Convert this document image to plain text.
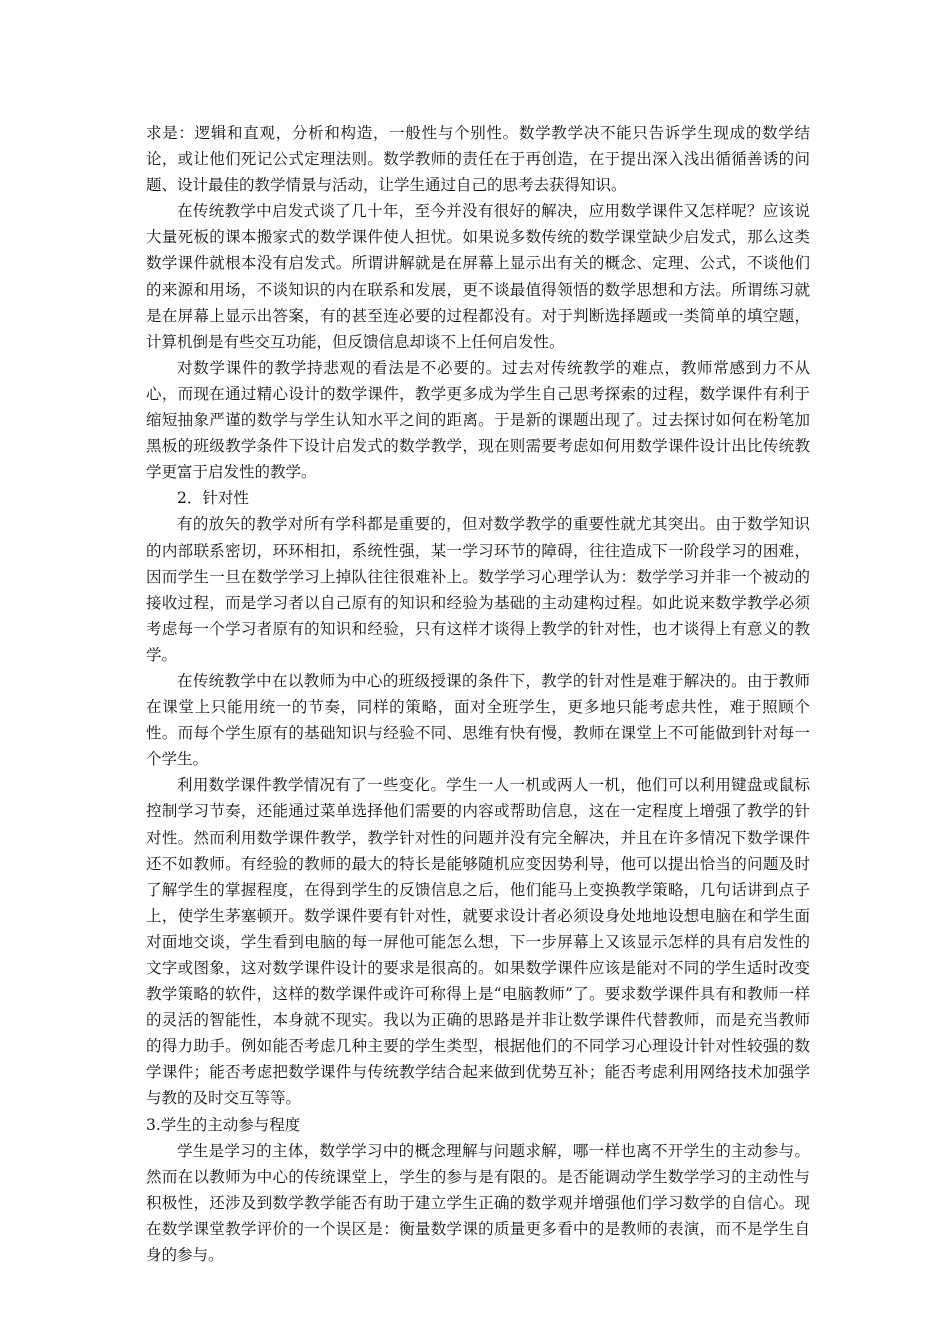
求是：逻辑和直观，分析和构造，一般性与个别性。数学教学决不能只告诉学生现成的数学结论，或让他们死记公式定理法则。数学教师的责任在于再创造，在于提出深入浅出循循善诱的问题、设计最佳的教学情景与活动，让学生通过自己的思考去获得知识。

在传统教学中启发式谈了几十年，至今并没有很好的解决，应用数学课件又怎样呢？应该说大量死板的课本搬家式的数学课件使人担忧。如果说多数传统的数学课堂缺少启发式，那么这类数学课件就根本没有启发式。所谓讲解就是在屏幕上显示出有关的概念、定理、公式，不谈他们的来源和用场，不谈知识的内在联系和发展，更不谈最值得领悟的数学思想和方法。所谓练习就是在屏幕上显示出答案，有的甚至连必要的过程都没有。对于判断选择题或一类简单的填空题，计算机倒是有些交互功能，但反馈信息却谈不上任何启发性。

对数学课件的教学持悲观的看法是不必要的。过去对传统教学的难点，教师常感到力不从心，而现在通过精心设计的数学课件，教学更多成为学生自己思考探索的过程，数学课件有利于缩短抽象严谨的数学与学生认知水平之间的距离。于是新的课题出现了。过去探讨如何在粉笔加黑板的班级教学条件下设计启发式的数学教学，现在则需要考虑如何用数学课件设计出比传统教学更富于启发性的教学。

2．针对性

有的放矢的教学对所有学科都是重要的，但对数学教学的重要性就尤其突出。由于数学知识的内部联系密切，环环相扣，系统性强，某一学习环节的障碍，往往造成下一阶段学习的困难，因而学生一旦在数学学习上掉队往往很难补上。数学学习心理学认为：数学学习并非一个被动的接收过程，而是学习者以自己原有的知识和经验为基础的主动建构过程。如此说来数学教学必须考虑每一个学习者原有的知识和经验，只有这样才谈得上教学的针对性，也才谈得上有意义的教学。

在传统教学中在以教师为中心的班级授课的条件下，教学的针对性是难于解决的。由于教师在课堂上只能用统一的节奏，同样的策略，面对全班学生，更多地只能考虑共性，难于照顾个性。而每个学生原有的基础知识与经验不同、思维有快有慢，教师在课堂上不可能做到针对每一个学生。

利用数学课件教学情况有了一些变化。学生一人一机或两人一机，他们可以利用键盘或鼠标控制学习节奏，还能通过菜单选择他们需要的内容或帮助信息，这在一定程度上增强了教学的针对性。然而利用数学课件教学，教学针对性的问题并没有完全解决，并且在许多情况下数学课件还不如教师。有经验的教师的最大的特长是能够随机应变因势利导，他可以提出恰当的问题及时了解学生的掌握程度，在得到学生的反馈信息之后，他们能马上变换教学策略，几句话讲到点子上，使学生茅塞顿开。数学课件要有针对性，就要求设计者必须设身处地地设想电脑在和学生面对面地交谈，学生看到电脑的每一屏他可能怎么想，下一步屏幕上又该显示怎样的具有启发性的文字或图象，这对数学课件设计的要求是很高的。如果数学课件应该是能对不同的学生适时改变教学策略的软件，这样的数学课件或许可称得上是“电脑教师”了。要求数学课件具有和教师一样的灵活的智能性，本身就不现实。我以为正确的思路是并非让数学课件代替教师，而是充当教师的得力助手。例如能否考虑几种主要的学生类型，根据他们的不同学习心理设计针对性较强的数学课件；能否考虑把数学课件与传统教学结合起来做到优势互补；能否考虑利用网络技术加强学与教的及时交互等等。

3.学生的主动参与程度

学生是学习的主体，数学学习中的概念理解与问题求解，哪一样也离不开学生的主动参与。然而在以教师为中心的传统课堂上，学生的参与是有限的。是否能调动学生数学学习的主动性与积极性，还涉及到数学教学能否有助于建立学生正确的数学观并增强他们学习数学的自信心。现在数学课堂教学评价的一个误区是：衡量数学课的质量更多看中的是教师的表演，而不是学生自身的参与。
